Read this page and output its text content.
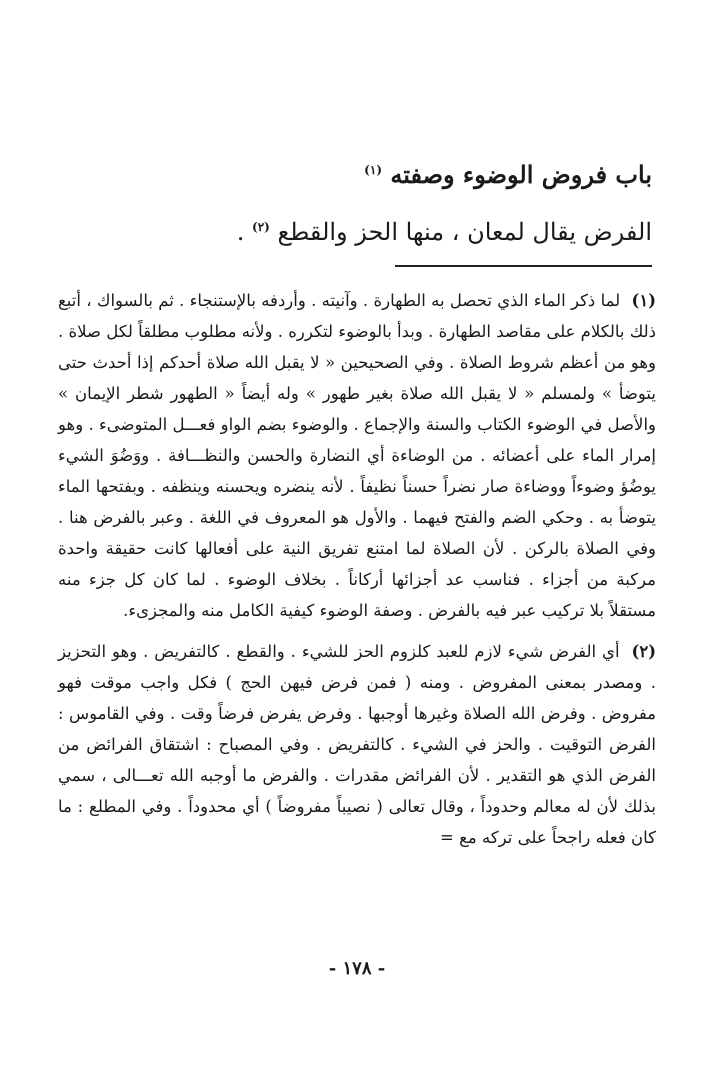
باب فروض الوضوء وصفته $^{(١)}$

الفرض يقال لمعان ، منها الحز والقطع $^{(٢)}$ .

(١) لما ذكر الماء الذي تحصل به الطهارة . وآنيته . وأردفه بالإستنجاء . ثم بالسواك ، أتبع ذلك بالكلام على مقاصد الطهارة . وبدأ بالوضوء لتكرره . ولأنه مطلوب مطلقاً لكل صلاة . وهو من أعظم شروط الصلاة . وفي الصحيحين « لا يقبل الله صلاة أحدكم إذا أحدث حتى يتوضأ » ولمسلم « لا يقبل الله صلاة بغير طهور » وله أيضاً « الطهور شطر الإيمان » والأصل في الوضوء الكتاب والسنة والإجماع . والوضوء بضم الواو فعـــل المتوضىء . وهو إمرار الماء على أعضائه . من الوضاءة أي النضارة والحسن والنظـــافة . ووَضُوَ الشيء يوضُؤ وضوءاً ووضاءة صار نضراً حسناً نظيفاً . لأنه ينضره ويحسنه وينظفه . وبفتحها الماء يتوضأ به . وحكي الضم والفتح فيهما . والأول هو المعروف في اللغة . وعبر بالفرض هنا . وفي الصلاة بالركن . لأن الصلاة لما امتنع تفريق النية على أفعالها كانت حقيقة واحدة مركبة من أجزاء . فناسب عد أجزائها أركاناً . بخلاف الوضوء . لما كان كل جزء منه مستقلاً بلا تركيب عبر فيه بالفرض . وصفة الوضوء كيفية الكامل منه والمجزىء.

(٢) أي الفرض شيء لازم للعبد كلزوم الحز للشيء . والقطع . كالتفريض . وهو التحزيز . ومصدر بمعنى المفروض . ومنه ( فمن فرض فيهن الحج ) فكل واجب موقت فهو مفروض . وفرض الله الصلاة وغيرها أوجبها . وفرض يفرض فرضاً وقت . وفي القاموس : الفرض التوقيت . والحز في الشيء . كالتفريض . وفي المصباح : اشتقاق الفرائض من الفرض الذي هو التقدير . لأن الفرائض مقدرات . والفرض ما أوجبه الله تعـــالى ، سمي بذلك لأن له معالم وحدوداً ، وقال تعالى ( نصيباً مفروضاً ) أي محدوداً . وفي المطلع : ما كان فعله راجحاً على تركه مع =

- ١٧٨ -
